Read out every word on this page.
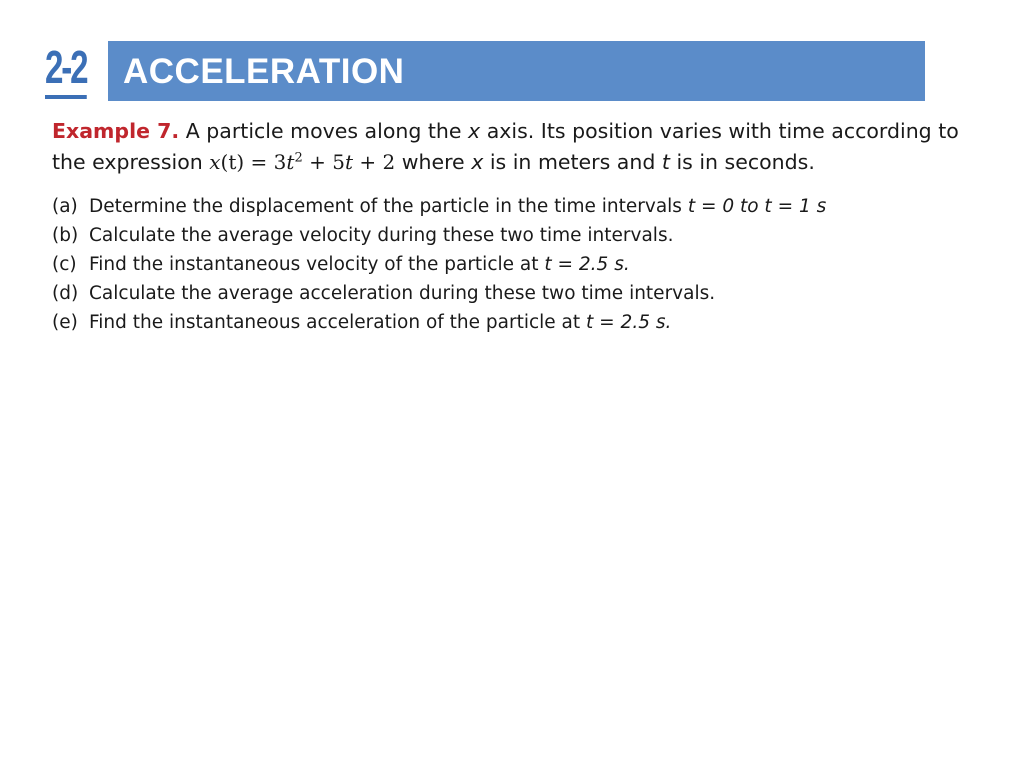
2-2 ACCELERATION
Example 7. A particle moves along the x axis. Its position varies with time according to
the expression $x(t) = 3t^2 + 5t + 2$ where x is in meters and t is in seconds.
(a) Determine the displacement of the particle in the time intervals t = 0 to t = 1 s
(b) Calculate the average velocity during these two time intervals.
(c) Find the instantaneous velocity of the particle at t = 2.5 s.
(d) Calculate the average acceleration during these two time intervals.
(e) Find the instantaneous acceleration of the particle at t = 2.5 s.
